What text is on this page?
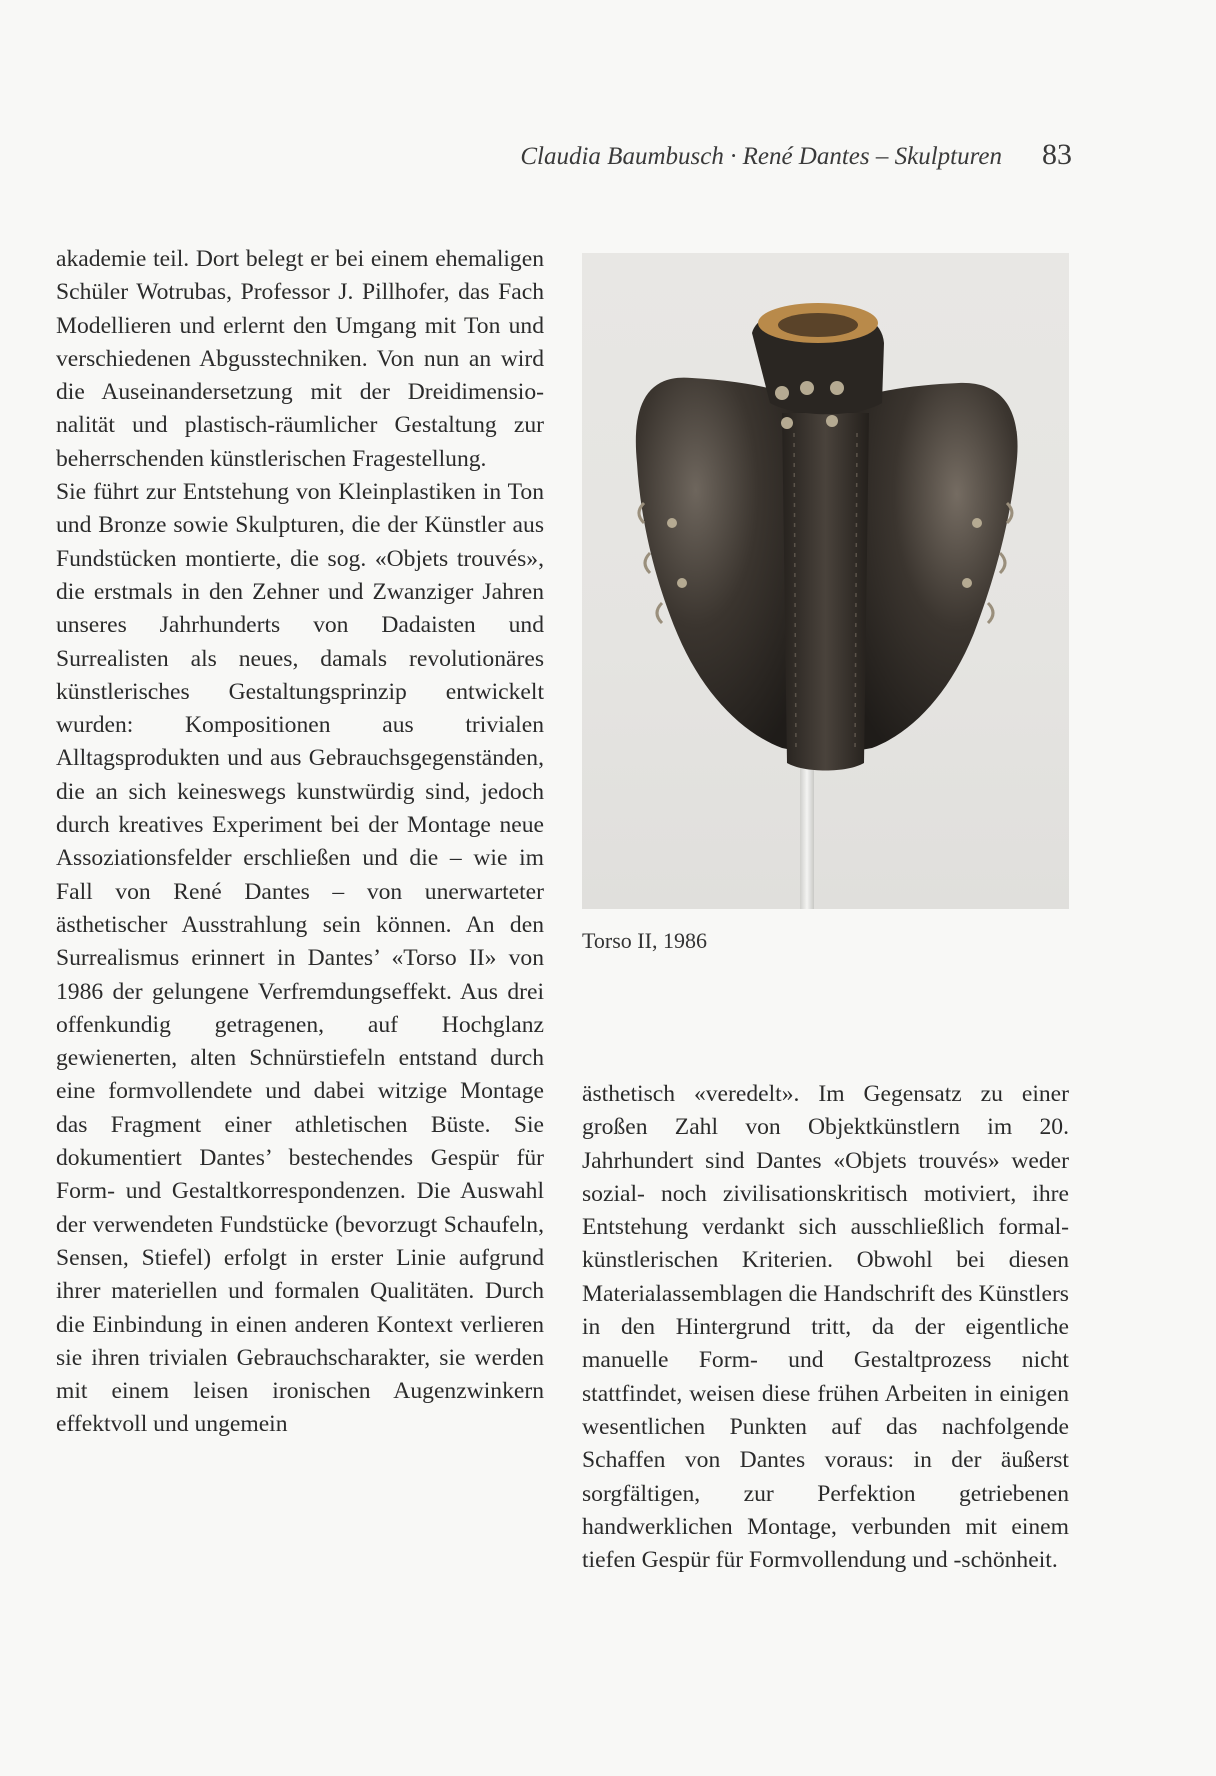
Claudia Baumbusch · René Dantes – Skulpturen 83

akademie teil. Dort belegt er bei einem ehemaligen Schüler Wotrubas, Professor J. Pillhofer, das Fach Modellieren und erlernt den Umgang mit Ton und verschiedenen Abgusstechniken. Von nun an wird die Auseinandersetzung mit der Dreidimensionalität und plastisch-räumlicher Gestaltung zur beherrschenden künstlerischen Fragestellung.

Sie führt zur Entstehung von Kleinplastiken in Ton und Bronze sowie Skulpturen, die der Künstler aus Fundstücken montierte, die sog. «Objets trouvés», die erstmals in den Zehner und Zwanziger Jahren unseres Jahrhunderts von Dadaisten und Surrealisten als neues, damals revolutionäres künstlerisches Gestaltungsprinzip entwickelt wurden: Kompositionen aus trivialen Alltagsprodukten und aus Gebrauchsgegenständen, die an sich keineswegs kunstwürdig sind, jedoch durch kreatives Experiment bei der Montage neue Assoziationsfelder erschließen und die – wie im Fall von René Dantes – von unerwarteter ästhetischer Ausstrahlung sein können. An den Surrealismus erinnert in Dantes’ «Torso II» von 1986 der gelungene Verfremdungseffekt. Aus drei offenkundig getragenen, auf Hochglanz gewienerten, alten Schnürstiefeln entstand durch eine formvollendete und dabei witzige Montage das Fragment einer athletischen Büste. Sie dokumentiert Dantes’ bestechendes Gespür für Form- und Gestaltkorrespondenzen. Die Auswahl der verwendeten Fundstücke (bevorzugt Schaufeln, Sensen, Stiefel) erfolgt in erster Linie aufgrund ihrer materiellen und formalen Qualitäten. Durch die Einbindung in einen anderen Kontext verlieren sie ihren trivialen Gebrauchscharakter, sie werden mit einem leisen ironischen Augenzwinkern effektvoll und ungemein

Torso II, 1986

ästhetisch «veredelt». Im Gegensatz zu einer großen Zahl von Objektkünstlern im 20. Jahrhundert sind Dantes «Objets trouvés» weder sozial- noch zivilisationskritisch motiviert, ihre Entstehung verdankt sich ausschließlich formal-künstlerischen Kriterien. Obwohl bei diesen Materialassemblagen die Handschrift des Künstlers in den Hintergrund tritt, da der eigentliche manuelle Form- und Gestaltprozess nicht stattfindet, weisen diese frühen Arbeiten in einigen wesentlichen Punkten auf das nachfolgende Schaffen von Dantes voraus: in der äußerst sorgfältigen, zur Perfektion getriebenen handwerklichen Montage, verbunden mit einem tiefen Gespür für Formvollendung und -schönheit.
